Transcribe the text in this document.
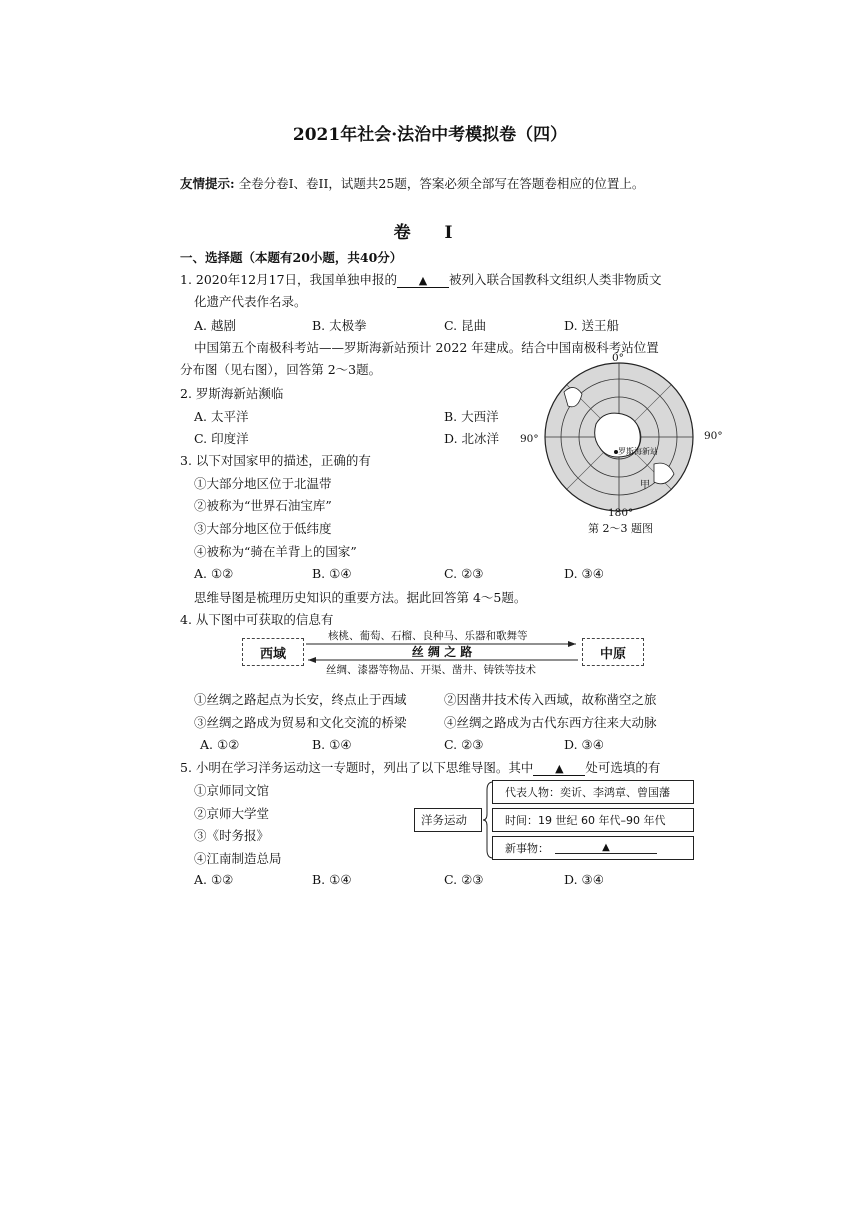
2021年社会·法治中考模拟卷（四）
友情提示: 全卷分卷I、卷II，试题共25题，答案必须全部写在答题卷相应的位置上。
卷 I
一、选择题（本题有20小题，共40分）
1. 2020年12月17日，我国单独申报的 ▲ 被列入联合国教科文组织人类非物质文
化遗产代表作名录。
A. 越剧	B. 太极拳	C. 昆曲	D. 送王船
中国第五个南极科考站——罗斯海新站预计 2022 年建成。结合中国南极科考站位置
分布图（见右图），回答第 2～3题。
2. 罗斯海新站濒临
A. 太平洋	B. 大西洋
C. 印度洋	D. 北冰洋
3. 以下对国家甲的描述，正确的有
①大部分地区位于北温带
②被称为“世界石油宝库”
③大部分地区位于低纬度
④被称为“骑在羊背上的国家”
A. ①②	B. ①④	C. ②③	D. ③④
0°
90°	90°
180°
罗斯海新站
甲
第 2～3 题图
思维导图是梳理历史知识的重要方法。据此回答第 4～5题。
4. 从下图中可获取的信息有
西域	中原
核桃、葡萄、石榴、良种马、乐器和歌舞等
丝 绸 之 路
丝绸、漆器等物品、开渠、凿井、铸铁等技术
①丝绸之路起点为长安，终点止于西域	②因凿井技术传入西域，故称凿空之旅
③丝绸之路成为贸易和文化交流的桥梁	④丝绸之路成为古代东西方往来大动脉
A. ①②	B. ①④	C. ②③	D. ③④
5. 小明在学习洋务运动这一专题时，列出了以下思维导图。其中 ▲ 处可选填的有
①京师同文馆
②京师大学堂
③《时务报》
④江南制造总局
洋务运动
代表人物：奕䜣、李鸿章、曾国藩
时间：19 世纪 60 年代–90 年代
新事物：	▲
A. ①②	B. ①④	C. ②③	D. ③④
